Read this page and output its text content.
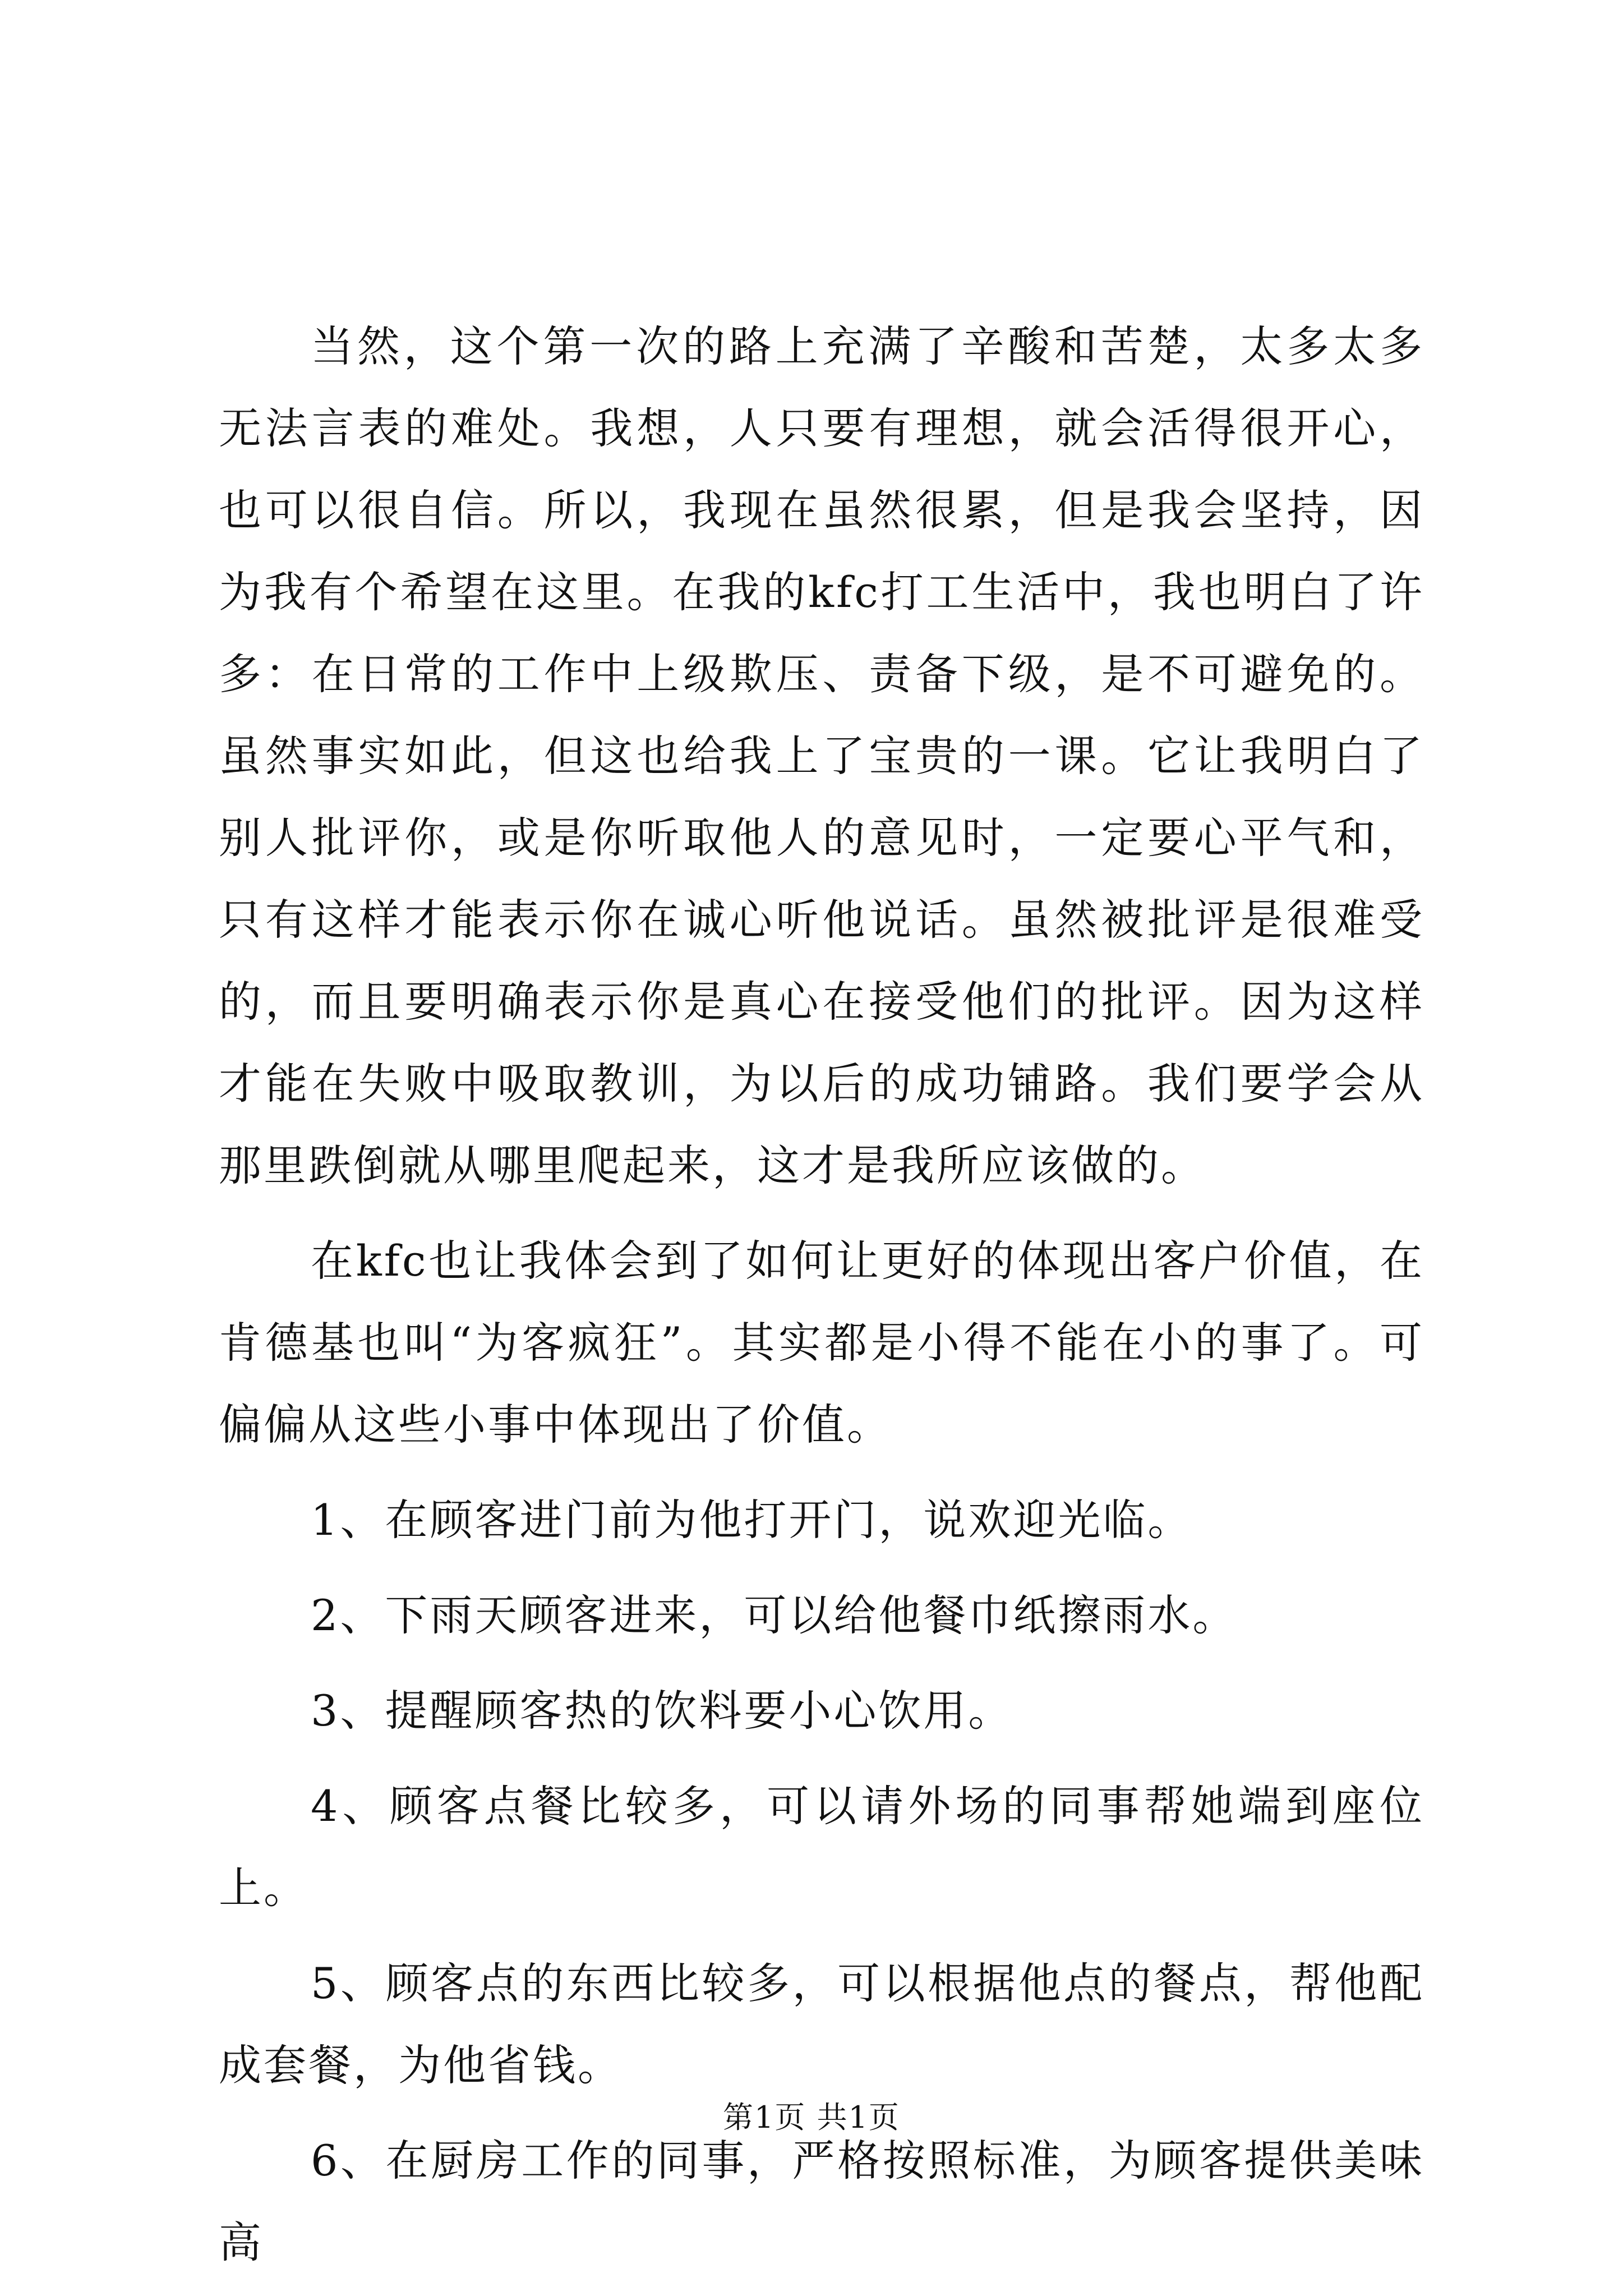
当然，这个第一次的路上充满了辛酸和苦楚，太多太多无法言表的难处。我想，人只要有理想，就会活得很开心，也可以很自信。所以，我现在虽然很累，但是我会坚持，因为我有个希望在这里。在我的kfc打工生活中，我也明白了许多：在日常的工作中上级欺压、责备下级，是不可避免的。虽然事实如此，但这也给我上了宝贵的一课。它让我明白了别人批评你，或是你听取他人的意见时，一定要心平气和，只有这样才能表示你在诚心听他说话。虽然被批评是很难受的，而且要明确表示你是真心在接受他们的批评。因为这样才能在失败中吸取教训，为以后的成功铺路。我们要学会从那里跌倒就从哪里爬起来，这才是我所应该做的。

在kfc也让我体会到了如何让更好的体现出客户价值，在肯德基也叫“为客疯狂”。其实都是小得不能在小的事了。可偏偏从这些小事中体现出了价值。

1、在顾客进门前为他打开门，说欢迎光临。

2、下雨天顾客进来，可以给他餐巾纸擦雨水。

3、提醒顾客热的饮料要小心饮用。

4、顾客点餐比较多，可以请外场的同事帮她端到座位上。

5、顾客点的东西比较多，可以根据他点的餐点，帮他配成套餐，为他省钱。

6、在厨房工作的同事，严格按照标准，为顾客提供美味高

第1页 共1页
